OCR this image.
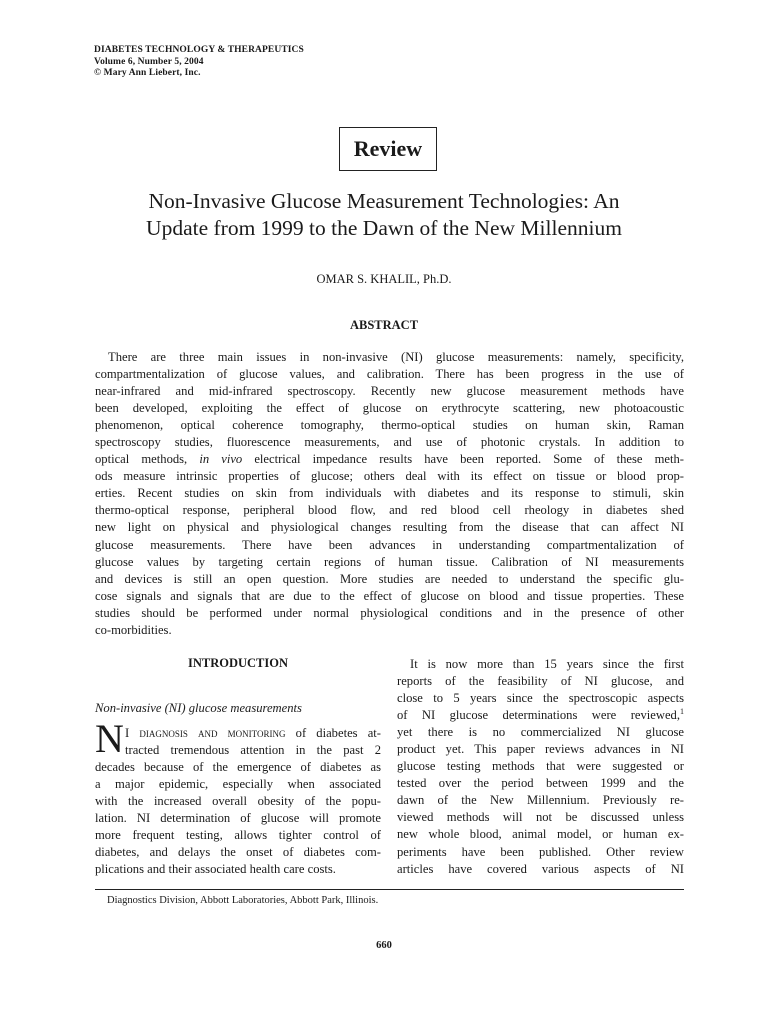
DIABETES TECHNOLOGY & THERAPEUTICS
Volume 6, Number 5, 2004
© Mary Ann Liebert, Inc.
Review
Non-Invasive Glucose Measurement Technologies: An
Update from 1999 to the Dawn of the New Millennium
OMAR S. KHALIL, Ph.D.
ABSTRACT
There are three main issues in non-invasive (NI) glucose measurements: namely, specificity,
compartmentalization of glucose values, and calibration. There has been progress in the use of
near-infrared and mid-infrared spectroscopy. Recently new glucose measurement methods have
been developed, exploiting the effect of glucose on erythrocyte scattering, new photoacoustic
phenomenon, optical coherence tomography, thermo-optical studies on human skin, Raman
spectroscopy studies, fluorescence measurements, and use of photonic crystals. In addition to
optical methods, in vivo electrical impedance results have been reported. Some of these meth-
ods measure intrinsic properties of glucose; others deal with its effect on tissue or blood prop-
erties. Recent studies on skin from individuals with diabetes and its response to stimuli, skin
thermo-optical response, peripheral blood flow, and red blood cell rheology in diabetes shed
new light on physical and physiological changes resulting from the disease that can affect NI
glucose measurements. There have been advances in understanding compartmentalization of
glucose values by targeting certain regions of human tissue. Calibration of NI measurements
and devices is still an open question. More studies are needed to understand the specific glu-
cose signals and signals that are due to the effect of glucose on blood and tissue properties. These
studies should be performed under normal physiological conditions and in the presence of other
co-morbidities.
INTRODUCTION
Non-invasive (NI) glucose measurements
N I diagnosis and monitoring of diabetes at-
tracted tremendous attention in the past 2
decades because of the emergence of diabetes as
a major epidemic, especially when associated
with the increased overall obesity of the popu-
lation. NI determination of glucose will promote
more frequent testing, allows tighter control of
diabetes, and delays the onset of diabetes com-
plications and their associated health care costs.
It is now more than 15 years since the first
reports of the feasibility of NI glucose, and
close to 5 years since the spectroscopic aspects
of NI glucose determinations were reviewed,$^1$
yet there is no commercialized NI glucose
product yet. This paper reviews advances in NI
glucose testing methods that were suggested or
tested over the period between 1999 and the
dawn of the New Millennium. Previously re-
viewed methods will not be discussed unless
new whole blood, animal model, or human ex-
periments have been published. Other review
articles have covered various aspects of NI
Diagnostics Division, Abbott Laboratories, Abbott Park, Illinois.
660
